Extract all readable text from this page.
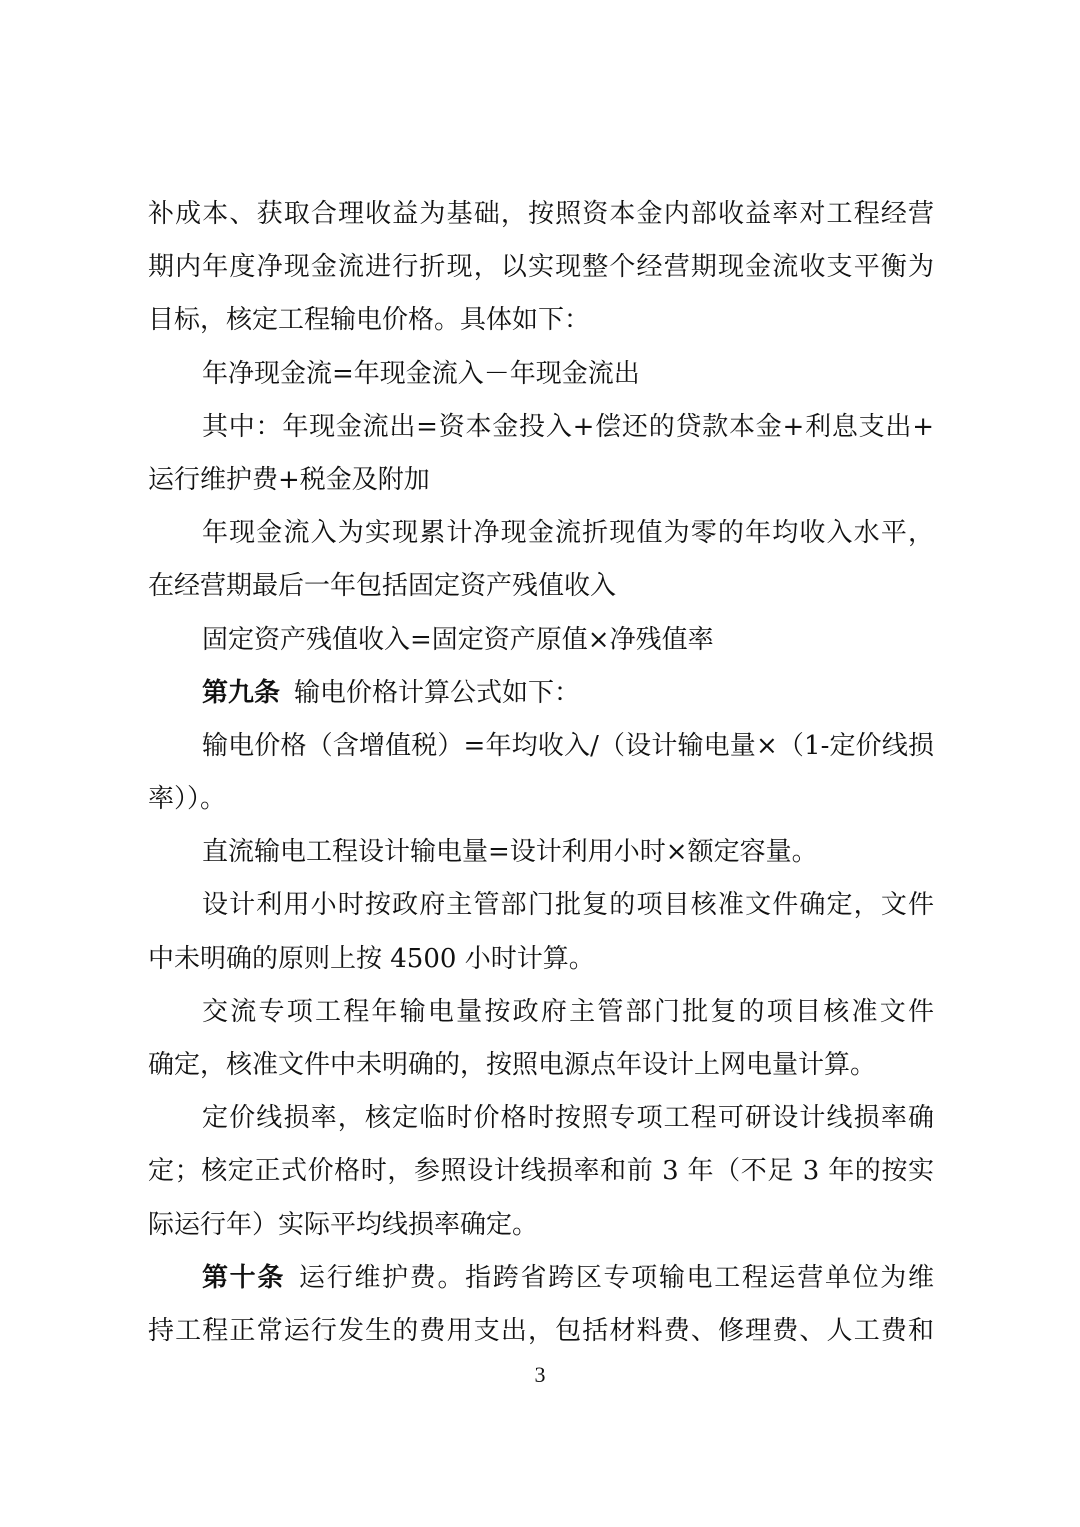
补成本、获取合理收益为基础，按照资本金内部收益率对工程经营
期内年度净现金流进行折现，以实现整个经营期现金流收支平衡为
目标，核定工程输电价格。具体如下：
年净现金流=年现金流入－年现金流出
其中：年现金流出=资本金投入+偿还的贷款本金+利息支出+
运行维护费+税金及附加
年现金流入为实现累计净现金流折现值为零的年均收入水平，
在经营期最后一年包括固定资产残值收入
固定资产残值收入=固定资产原值×净残值率
第九条 输电价格计算公式如下：
输电价格（含增值税）=年均收入/（设计输电量×（1-定价线损
率））。
直流输电工程设计输电量=设计利用小时×额定容量。
设计利用小时按政府主管部门批复的项目核准文件确定，文件
中未明确的原则上按 4500 小时计算。
交流专项工程年输电量按政府主管部门批复的项目核准文件
确定，核准文件中未明确的，按照电源点年设计上网电量计算。
定价线损率，核定临时价格时按照专项工程可研设计线损率确
定；核定正式价格时，参照设计线损率和前 3 年（不足 3 年的按实
际运行年）实际平均线损率确定。
第十条 运行维护费。指跨省跨区专项输电工程运营单位为维
持工程正常运行发生的费用支出，包括材料费、修理费、人工费和
3
